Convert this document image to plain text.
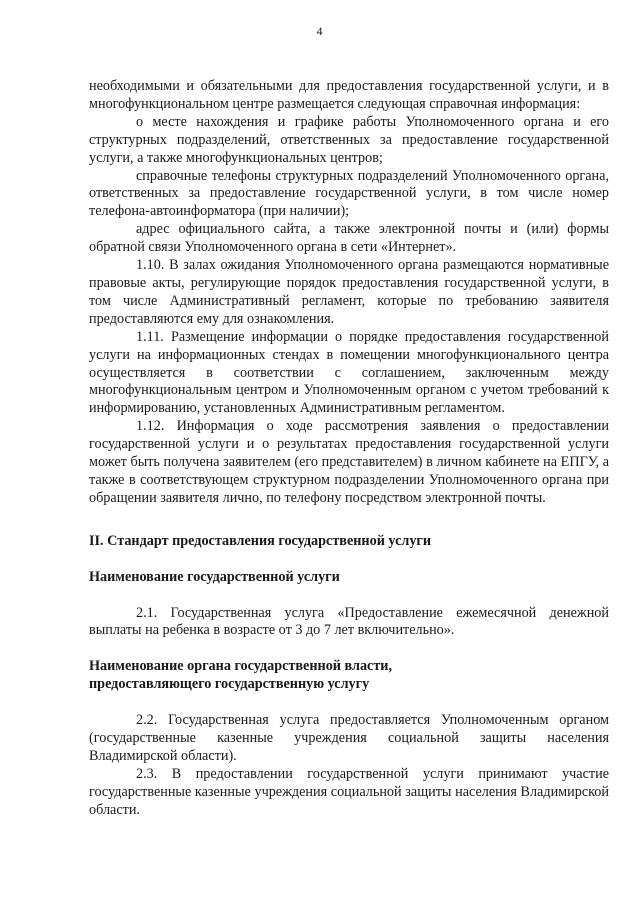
4

необходимыми и обязательными для предоставления государственной услуги, и в многофункциональном центре размещается следующая справочная информация:

о месте нахождения и графике работы Уполномоченного органа и его структурных подразделений, ответственных за предоставление государственной услуги, а также многофункциональных центров;

справочные телефоны структурных подразделений Уполномоченного органа, ответственных за предоставление государственной услуги, в том числе номер телефона-автоинформатора (при наличии);

адрес официального сайта, а также электронной почты и (или) формы обратной связи Уполномоченного органа в сети «Интернет».

1.10. В залах ожидания Уполномоченного органа размещаются нормативные правовые акты, регулирующие порядок предоставления государственной услуги, в том числе Административный регламент, которые по требованию заявителя предоставляются ему для ознакомления.

1.11. Размещение информации о порядке предоставления государственной услуги на информационных стендах в помещении многофункционального центра осуществляется в соответствии с соглашением, заключенным между многофункциональным центром и Уполномоченным органом с учетом требований к информированию, установленных Административным регламентом.

1.12. Информация о ходе рассмотрения заявления о предоставлении государственной услуги и о результатах предоставления государственной услуги может быть получена заявителем (его представителем) в личном кабинете на ЕПГУ, а также в соответствующем структурном подразделении Уполномоченного органа при обращении заявителя лично, по телефону посредством электронной почты.

II. Стандарт предоставления государственной услуги

Наименование государственной услуги

2.1. Государственная услуга «Предоставление ежемесячной денежной выплаты на ребенка в возрасте от 3 до 7 лет включительно».

Наименование органа государственной власти,

предоставляющего государственную услугу

2.2. Государственная услуга предоставляется Уполномоченным органом (государственные казенные учреждения социальной защиты населения Владимирской области).

2.3. В предоставлении государственной услуги принимают участие государственные казенные учреждения социальной защиты населения Владимирской области.
